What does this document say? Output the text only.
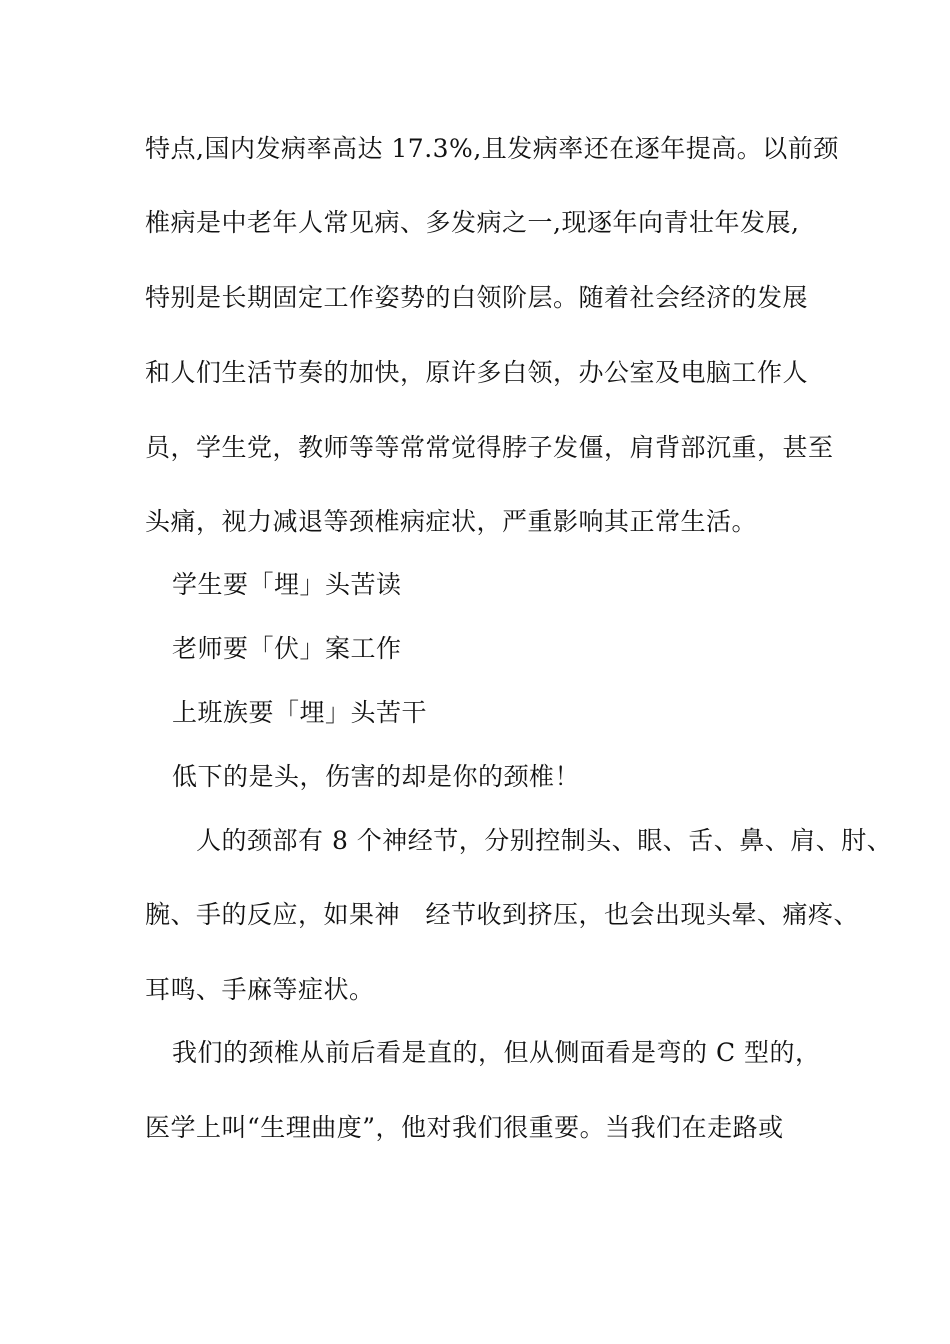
特点,国内发病率高达 17.3%,且发病率还在逐年提高。以前颈
椎病是中老年人常见病、多发病之一,现逐年向青壮年发展,
特别是长期固定工作姿势的白领阶层。随着社会经济的发展
和人们生活节奏的加快，原许多白领，办公室及电脑工作人
员，学生党，教师等等常常觉得脖子发僵，肩背部沉重，甚至
头痛，视力减退等颈椎病症状，严重影响其正常生活。
学生要「埋」头苦读
老师要「伏」案工作
上班族要「埋」头苦干
低下的是头，伤害的却是你的颈椎！
人的颈部有 8 个神经节，分别控制头、眼、舌、鼻、肩、肘、
腕、手的反应，如果神　经节收到挤压，也会出现头晕、痛疼、
耳鸣、手麻等症状。
我们的颈椎从前后看是直的，但从侧面看是弯的 C 型的，
医学上叫“生理曲度”，他对我们很重要。当我们在走路或
